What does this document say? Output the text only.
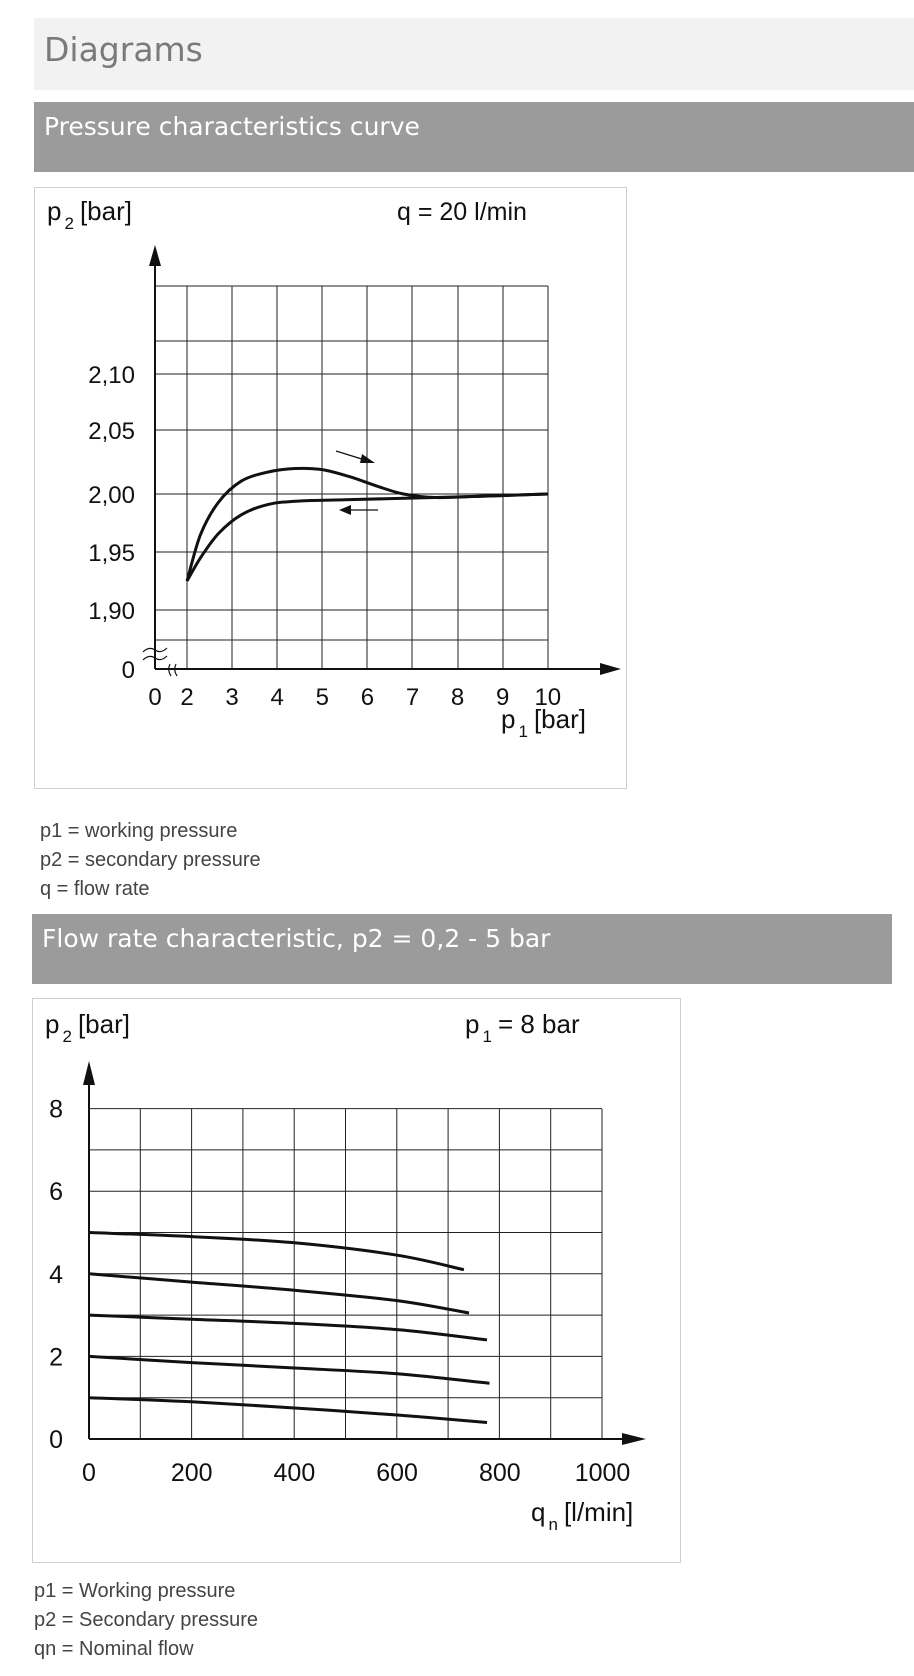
Diagrams
Pressure characteristics curve
0
1,90
1,95
2,00
2,05
2,10
0 2 3 4 5 6 7 8 9 10
p $_2$ [bar]
p $_1$ [bar]
q = 20 l/min
p1 = working pressure
p2 = secondary pressure
q = flow rate
Flow rate characteristic, p2 = 0,2 - 5 bar
0
2
4
6
8
0	200 400 600 800 1000
p $_2$ [bar]
q $_n$ [l/min]
p $_1$ = 8 bar
p1 = Working pressure
p2 = Secondary pressure
qn = Nominal flow
